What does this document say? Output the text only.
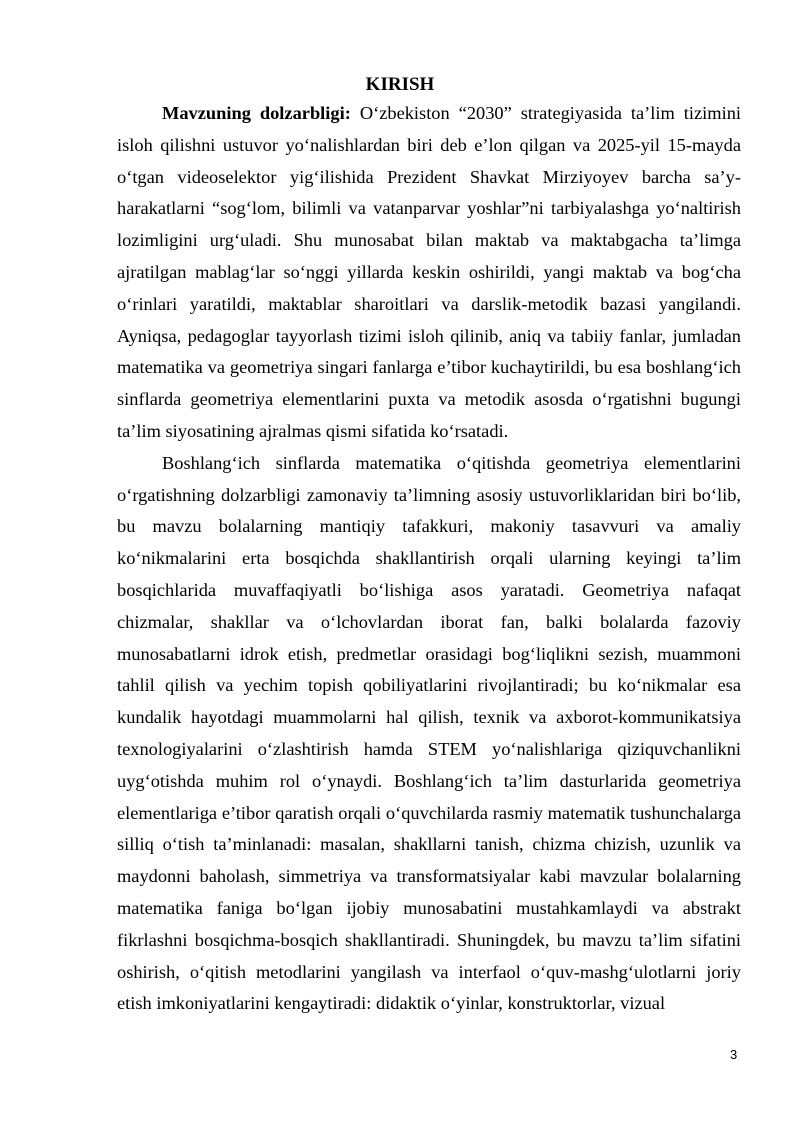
KIRISH

Mavzuning dolzarbligi: O‘zbekiston “2030” strategiyasida ta’lim tizimini isloh qilishni ustuvor yo‘nalishlardan biri deb e’lon qilgan va 2025-yil 15-mayda o‘tgan videoselektor yig‘ilishida Prezident Shavkat Mirziyoyev barcha sa’y-harakatlarni “sog‘lom, bilimli va vatanparvar yoshlar”ni tarbiyalashga yo‘naltirish lozimligini urg‘uladi. Shu munosabat bilan maktab va maktabgacha ta’limga ajratilgan mablag‘lar so‘nggi yillarda keskin oshirildi, yangi maktab va bog‘cha o‘rinlari yaratildi, maktablar sharoitlari va darslik-metodik bazasi yangilandi. Ayniqsa, pedagoglar tayyorlash tizimi isloh qilinib, aniq va tabiiy fanlar, jumladan matematika va geometriya singari fanlarga e’tibor kuchaytirildi, bu esa boshlang‘ich sinflarda geometriya elementlarini puxta va metodik asosda o‘rgatishni bugungi ta’lim siyosatining ajralmas qismi sifatida ko‘rsatadi.

Boshlang‘ich sinflarda matematika o‘qitishda geometriya elementlarini o‘rgatishning dolzarbligi zamonaviy ta’limning asosiy ustuvorliklaridan biri bo‘lib, bu mavzu bolalarning mantiqiy tafakkuri, makoniy tasavvuri va amaliy ko‘nikmalarini erta bosqichda shakllantirish orqali ularning keyingi ta’lim bosqichlarida muvaffaqiyatli bo‘lishiga asos yaratadi. Geometriya nafaqat chizmalar, shakllar va o‘lchovlardan iborat fan, balki bolalarda fazoviy munosabatlarni idrok etish, predmetlar orasidagi bog‘liqlikni sezish, muammoni tahlil qilish va yechim topish qobiliyatlarini rivojlantiradi; bu ko‘nikmalar esa kundalik hayotdagi muammolarni hal qilish, texnik va axborot-kommunikatsiya texnologiyalarini o‘zlashtirish hamda STEM yo‘nalishlariga qiziquvchanlikni uyg‘otishda muhim rol o‘ynaydi. Boshlang‘ich ta’lim dasturlarida geometriya elementlariga e’tibor qaratish orqali o‘quvchilarda rasmiy matematik tushunchalarga silliq o‘tish ta’minlanadi: masalan, shakllarni tanish, chizma chizish, uzunlik va maydonni baholash, simmetriya va transformatsiyalar kabi mavzular bolalarning matematika faniga bo‘lgan ijobiy munosabatini mustahkamlaydi va abstrakt fikrlashni bosqichma-bosqich shakllantiradi. Shuningdek, bu mavzu ta’lim sifatini oshirish, o‘qitish metodlarini yangilash va interfaol o‘quv-mashg‘ulotlarni joriy etish imkoniyatlarini kengaytiradi: didaktik o‘yinlar, konstruktorlar, vizual

3
